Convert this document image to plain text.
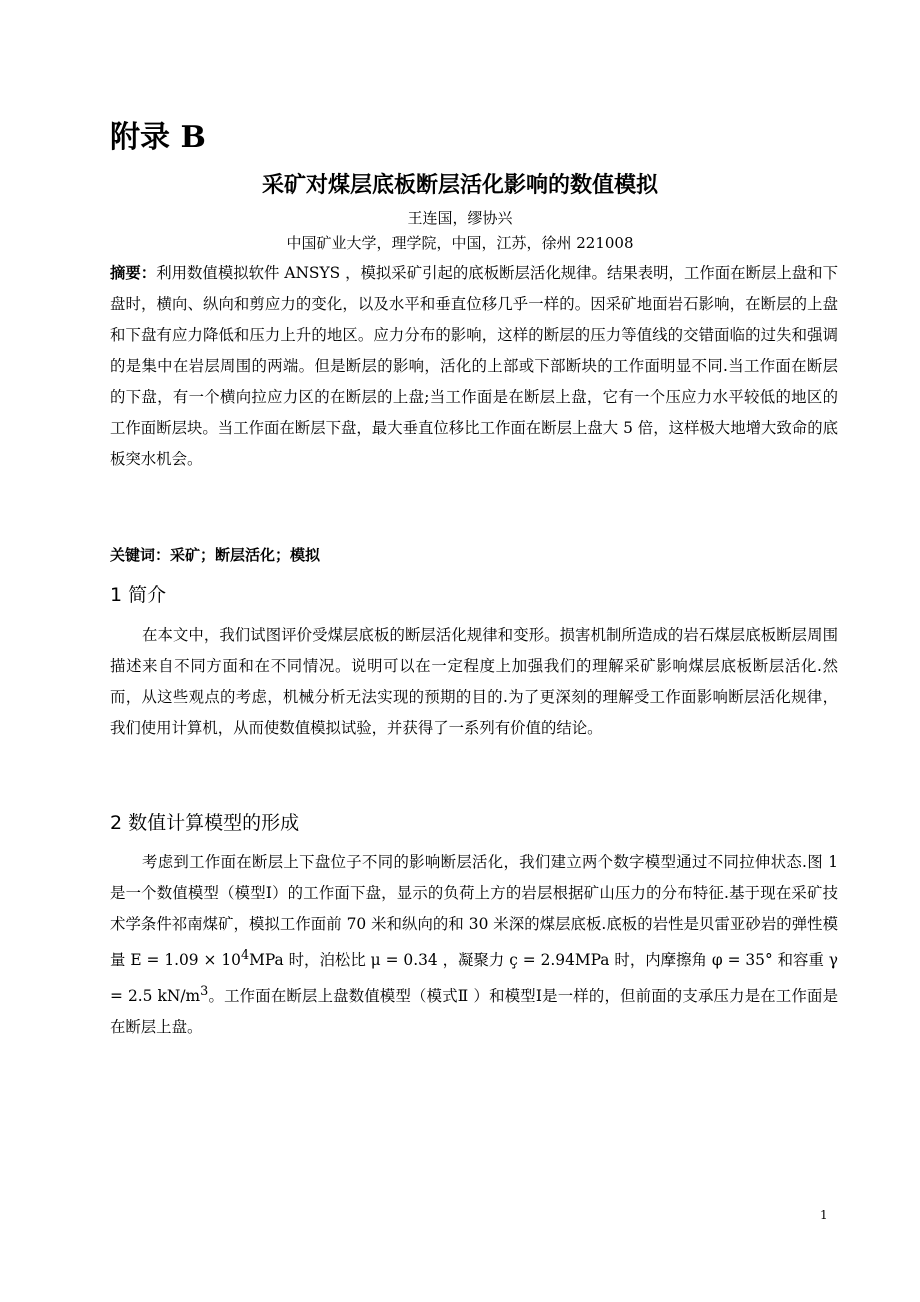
附录 B
采矿对煤层底板断层活化影响的数值模拟
王连国，缪协兴
中国矿业大学，理学院，中国，江苏，徐州 221008
摘要：利用数值模拟软件 ANSYS ，模拟采矿引起的底板断层活化规律。结果表明，工作面在断层上盘和下盘时，横向、纵向和剪应力的变化，以及水平和垂直位移几乎一样的。因采矿地面岩石影响，在断层的上盘和下盘有应力降低和压力上升的地区。应力分布的影响，这样的断层的压力等值线的交错面临的过失和强调的是集中在岩层周围的两端。但是断层的影响，活化的上部或下部断块的工作面明显不同.当工作面在断层的下盘，有一个横向拉应力区的在断层的上盘;当工作面是在断层上盘，它有一个压应力水平较低的地区的工作面断层块。当工作面在断层下盘，最大垂直位移比工作面在断层上盘大 5 倍，这样极大地增大致命的底板突水机会。
关键词：采矿；断层活化；模拟
1 简介
在本文中，我们试图评价受煤层底板的断层活化规律和变形。损害机制所造成的岩石煤层底板断层周围描述来自不同方面和在不同情况。说明可以在一定程度上加强我们的理解采矿影响煤层底板断层活化.然而，从这些观点的考虑，机械分析无法实现的预期的目的.为了更深刻的理解受工作面影响断层活化规律，我们使用计算机，从而使数值模拟试验，并获得了一系列有价值的结论。
2 数值计算模型的形成
考虑到工作面在断层上下盘位子不同的影响断层活化，我们建立两个数字模型通过不同拉伸状态.图 1 是一个数值模型（模型Ⅰ）的工作面下盘，显示的负荷上方的岩层根据矿山压力的分布特征.基于现在采矿技术学条件祁南煤矿，模拟工作面前 70 米和纵向的和 30 米深的煤层底板.底板的岩性是贝雷亚砂岩的弹性模量 $E = 1.09 \times 10^4MPa$ 时，泊松比 μ = 0.34 ，凝聚力 ç = 2.94MPa 时，内摩擦角 φ = 35° 和容重 γ = 2.5 $kN/m^3$。工作面在断层上盘数值模型（模式Ⅱ ）和模型Ⅰ是一样的，但前面的支承压力是在工作面是在断层上盘。
1
